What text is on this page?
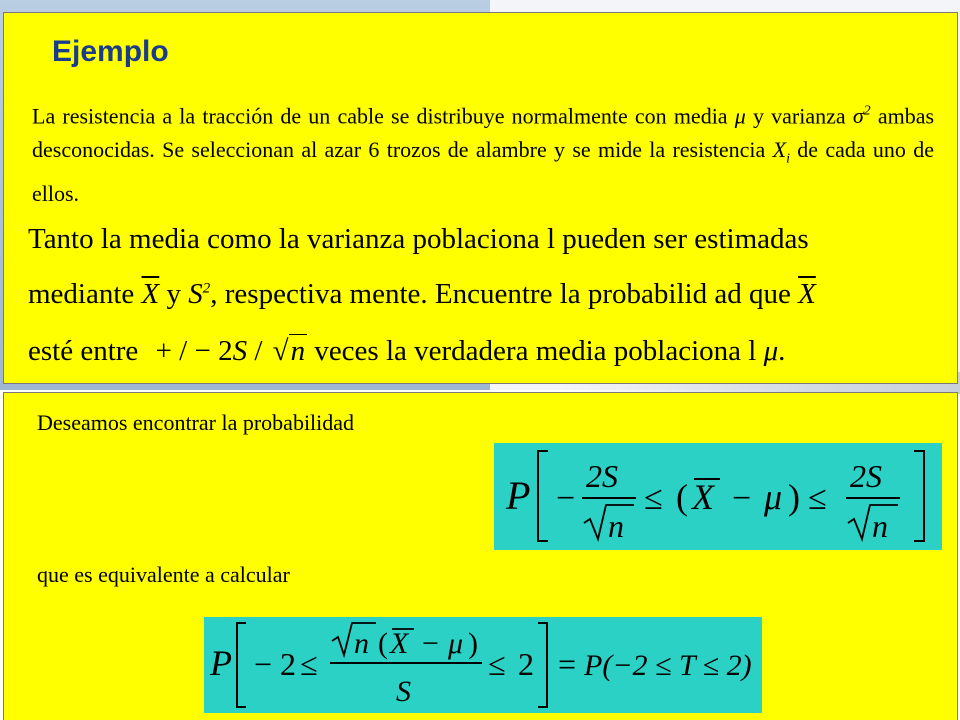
Ejemplo

La resistencia a la tracción de un cable se distribuye normalmente con media μ y varianza $\sigma^2$ ambas desconocidas. Se seleccionan al azar 6 trozos de alambre y se mide la resistencia $X_i$ de cada uno de ellos.

Tanto la media como la varianza poblaciona l pueden ser estimadas
mediante $\overline{X}$ y $S^2$, respectiva mente. Encuentre la probabilid ad que $\overline{X}$
esté entre + / − 2S / √n veces la verdadera media poblaciona l μ.

Deseamos encontrar la probabilidad

que es equivalente a calcular

P −
2S
n
≤ ( X − μ ) ≤
2S
n
P − 2 ≤
n ( X − μ )
S
≤ 2 = P(−2 ≤ T ≤ 2)
